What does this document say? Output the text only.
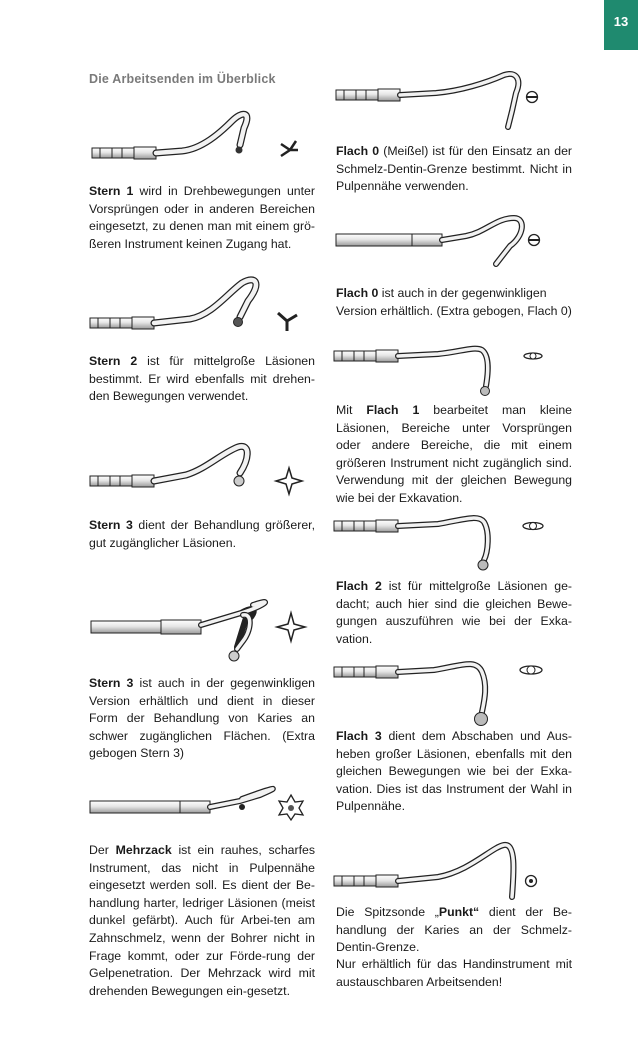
13
Die Arbeitsenden im Überblick

Stern 1 wird in Drehbewegungen unter Vorsprüngen oder in anderen Bereichen eingesetzt, zu denen man mit einem grö-ßeren Instrument keinen Zugang hat.

Stern 2 ist für mittelgroße Läsionen bestimmt. Er wird ebenfalls mit drehen-den Bewegungen verwendet.

Stern 3 dient der Behandlung größerer, gut zugänglicher Läsionen.

Stern 3 ist auch in der gegenwinkligen Version erhältlich und dient in dieser Form der Behandlung von Karies an schwer zugänglichen Flächen. (Extra gebogen Stern 3)

Der Mehrzack ist ein rauhes, scharfes Instrument, das nicht in Pulpennähe eingesetzt werden soll. Es dient der Be-handlung harter, ledriger Läsionen (meist dunkel gefärbt). Auch für Arbei-ten am Zahnschmelz, wenn der Bohrer nicht in Frage kommt, oder zur Förde-rung der Gelpenetration. Der Mehrzack wird mit drehenden Bewegungen ein-gesetzt.

Flach 0 (Meißel) ist für den Einsatz an der Schmelz-Dentin-Grenze bestimmt. Nicht in Pulpennähe verwenden.

Flach 0 ist auch in der gegenwinkligen Version erhältlich. (Extra gebogen, Flach 0)

Mit Flach 1 bearbeitet man kleine Läsionen, Bereiche unter Vorsprüngen oder andere Bereiche, die mit einem größeren Instrument nicht zugänglich sind. Verwendung mit der gleichen Bewegung wie bei der Exkavation.

Flach 2 ist für mittelgroße Läsionen ge-dacht; auch hier sind die gleichen Bewe-gungen auszuführen wie bei der Exka-vation.

Flach 3 dient dem Abschaben und Aus-heben großer Läsionen, ebenfalls mit den gleichen Bewegungen wie bei der Exka-vation. Dies ist das Instrument der Wahl in Pulpennähe.

Die Spitzsonde „Punkt“ dient der Be-handlung der Karies an der Schmelz-Dentin-Grenze.

Nur erhältlich für das Handinstrument mit austauschbaren Arbeitsenden!
